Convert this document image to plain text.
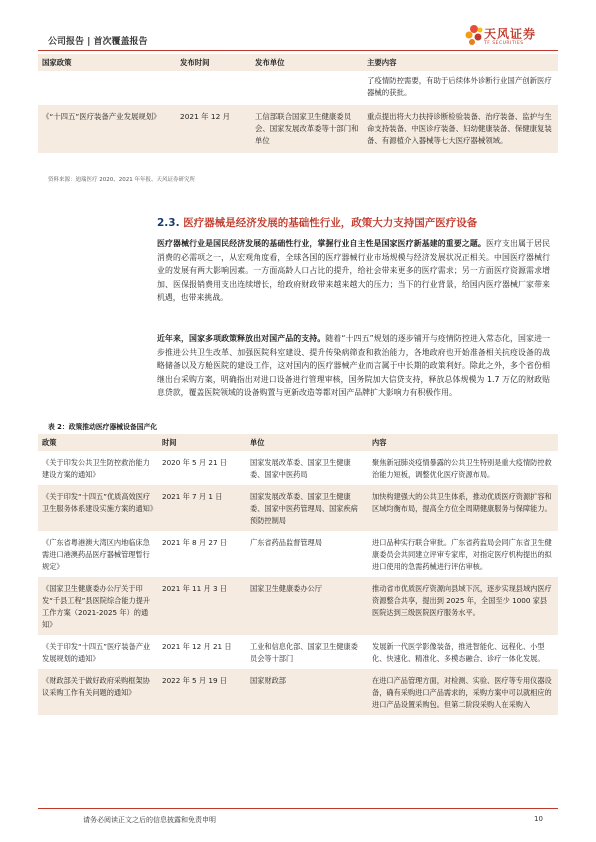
公司报告 | 首次覆盖报告
天风证券
TF SECURITIES
国家政策	发布时间	发布单位	主要内容
			了疫情防控需要，有助于后续体外诊断行业国产创新医疗器械的获批。
《“十四五”医疗装备产业发展规划》	2021 年 12 月	工信部联合国家卫生健康委员会、国家发展改革委等十部门和单位	重点提出将大力扶持诊断检验装备、治疗装备、监护与生命支持装备、中医诊疗装备、妇幼健康装备、保健康复装备、有源植介入器械等七大医疗器械领域。
资料来源：迪瑞医疗 2020、2021 年年报、天风证券研究所
2.3. 医疗器械是经济发展的基础性行业，政策大力支持国产医疗设备
医疗器械行业是国民经济发展的基础性行业，掌握行业自主性是国家医疗新基建的重要之题。医疗支出属于居民消费的必需项之一，从宏观角度看，全球各国的医疗器械行业市场规模与经济发展状况正相关。中国医疗器械行业的发展有两大影响因素。一方面高龄人口占比的提升，给社会带来更多的医疗需求；另一方面医疗资源需求增加、医保报销费用支出连续增长，给政府财政带来越来越大的压力；当下的行业背景，给国内医疗器械厂家带来机遇，也带来挑战。
近年来，国家多项政策释放出对国产品的支持。随着“十四五”规划的逐步铺开与疫情防控进入常态化，国家进一步推进公共卫生改革、加强医院科室建设、提升传染病筛查和救治能力，各地政府也开始准备相关抗疫设备的战略储备以及方舱医院的建设工作，这对国内的医疗器械产业而言属于中长期的政策利好。除此之外，多个省份相继出台采购方案，明确指出对进口设备进行管理审核，国务院加大信贷支持，释放总体规模为 1.7 万亿的财政贴息贷款，覆盖医院领域的设备购置与更新改造等都对国产品牌扩大影响力有积极作用。
表 2：政策推动医疗器械设备国产化
政策	时间	单位	内容
《关于印发公共卫生防控救治能力建设方案的通知》	2020 年 5 月 21 日	国家发展改革委、国家卫生健康委、国家中医药局	聚焦新冠肺炎疫情暴露的公共卫生特别是重大疫情防控救治能力短板，调整优化医疗资源布局。
《关于印发“十四五”优质高效医疗卫生服务体系建设实施方案的通知》	2021 年 7 月 1 日	国家发展改革委、国家卫生健康委、国家中医药管理局、国家疾病预防控制局	加快构建强大的公共卫生体系，推动优质医疗资源扩容和区域均衡布局，提高全方位全周期健康服务与保障能力。
《广东省粤港澳大湾区内地临床急需进口港澳药品医疗器械管理暂行规定》	2021 年 8 月 27 日	广东省药品监督管理局	进口品种实行联合审批。广东省药监局会同广东省卫生健康委员会共同建立评审专家库，对指定医疗机构提出的拟进口使用的急需药械进行评估审核。
《国家卫生健康委办公厅关于印发“千县工程”县医院综合能力提升工作方案（2021-2025 年）的通知》	2021 年 11 月 3 日	国家卫生健康委办公厅	推动省市优质医疗资源向县域下沉，逐步实现县域内医疗资源整合共享，提出到 2025 年，全国至少 1000 家县医院达到三级医院医疗服务水平。
《关于印发“十四五”医疗装备产业发展规划的通知》	2021 年 12 月 21 日	工业和信息化部、国家卫生健康委员会等十部门	发展新一代医学影像装备，推进智能化、远程化、小型化、快速化、精准化、多模态融合、诊疗一体化发展。
《财政部关于做好政府采购框架协议采购工作有关问题的通知》	2022 年 5 月 19 日	国家财政部	在进口产品管理方面，对检测、实验、医疗等专用仪器设备，确有采购进口产品需求的，采购方案中可以就相应的进口产品设置采购包。但第二阶段采购人在采购入
请务必阅读正文之后的信息披露和免责申明	10
